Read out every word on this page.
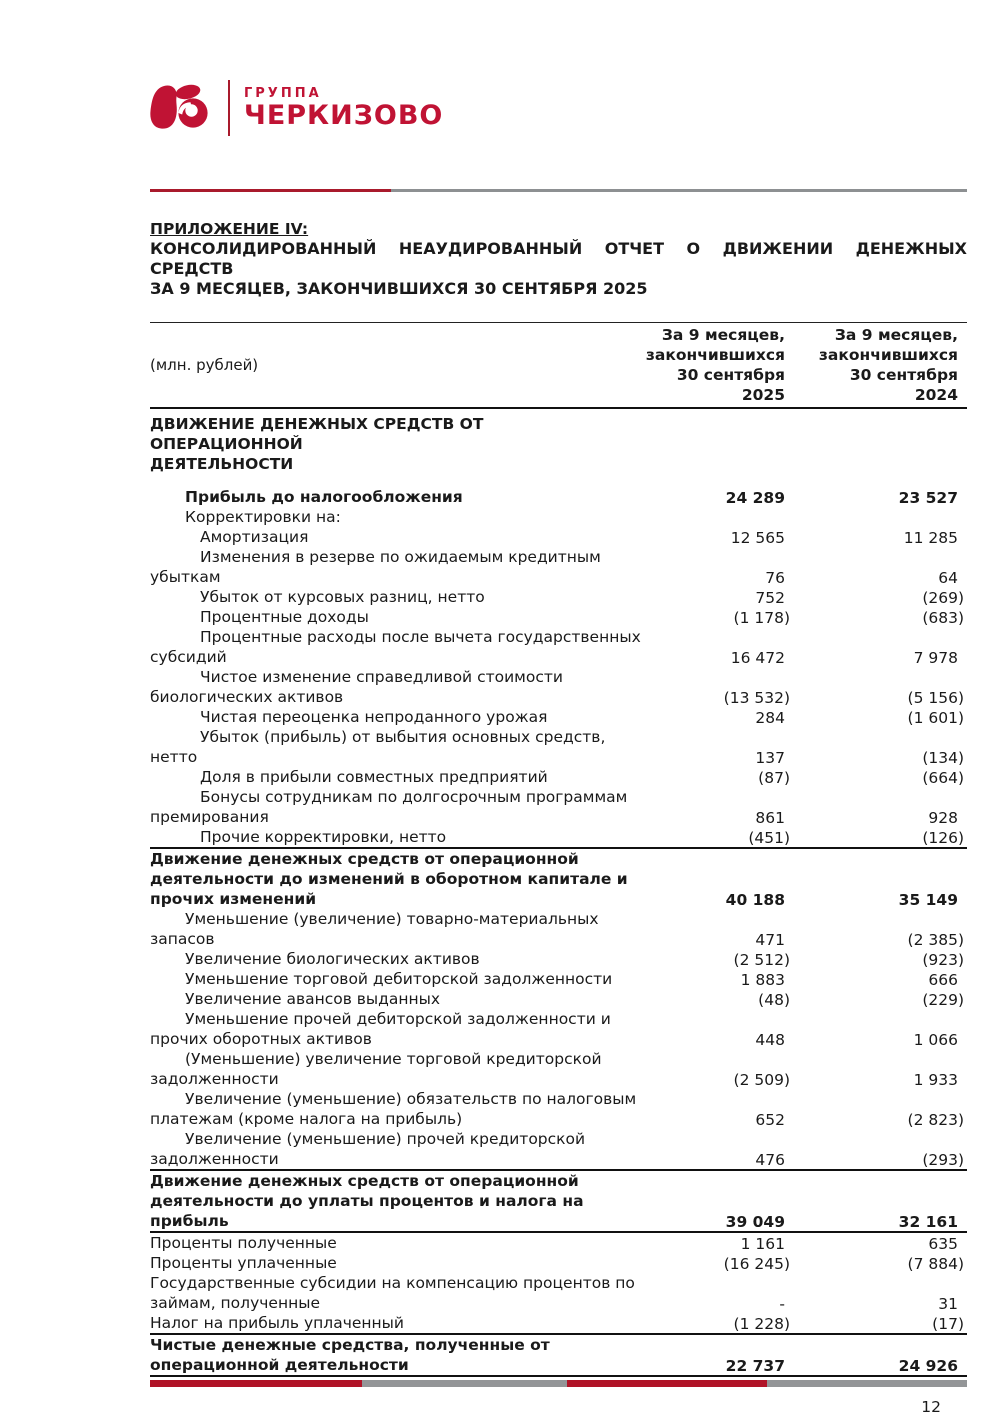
ГРУППА
ЧЕРКИЗОВО
ПРИЛОЖЕНИЕ IV:
КОНСОЛИДИРОВАННЫЙ НЕАУДИРОВАННЫЙ ОТЧЕТ О ДВИЖЕНИИ ДЕНЕЖНЫХ СРЕДСТВ
ЗА 9 МЕСЯЦЕВ, ЗАКОНЧИВШИХСЯ 30 СЕНТЯБРЯ 2025
(млн. рублей)	
За 9 месяцев,
закончившихся
30 сентября
2025

За 9 месяцев,
закончившихся
30 сентября
2024

ДВИЖЕНИЕ ДЕНЕЖНЫХ СРЕДСТВ ОТ
ОПЕРАЦИОННОЙ
ДЕЯТЕЛЬНОСТИ		

Прибыль до налогообложения	24 289	23 527

Корректировки на:		

Амортизация	12 565	11 285

Изменения в резерве по ожидаемым кредитным
убыткам	76	64

Убыток от курсовых разниц, нетто	752	(269)

Процентные доходы	(1 178)	(683)

Процентные расходы после вычета государственных
субсидий	16 472	7 978

Чистое изменение справедливой стоимости
биологических активов	(13 532)	(5 156)

Чистая переоценка непроданного урожая	284	(1 601)

Убыток (прибыль) от выбытия основных средств,
нетто	137	(134)

Доля в прибыли совместных предприятий	(87)	(664)

Бонусы сотрудникам по долгосрочным программам
премирования	861	928

Прочие корректировки, нетто	(451)	(126)

Движение денежных средств от операционной
деятельности до изменений в оборотном капитале и
прочих изменений	40 188	35 149

Уменьшение (увеличение) товарно-материальных
запасов	471	(2 385)

Увеличение биологических активов	(2 512)	(923)

Уменьшение торговой дебиторской задолженности	1 883	666

Увеличение авансов выданных	(48)	(229)

Уменьшение прочей дебиторской задолженности и
прочих оборотных активов	448	1 066

(Уменьшение) увеличение торговой кредиторской
задолженности	(2 509)	1 933

Увеличение (уменьшение) обязательств по налоговым
платежам (кроме налога на прибыль)	652	(2 823)

Увеличение (уменьшение) прочей кредиторской
задолженности	476	(293)

Движение денежных средств от операционной
деятельности до уплаты процентов и налога на
прибыль	39 049	32 161

Проценты полученные	1 161	635

Проценты уплаченные	(16 245)	(7 884)

Государственные субсидии на компенсацию процентов по
займам, полученные	-	31

Налог на прибыль уплаченный	(1 228)	(17)

Чистые денежные средства, полученные от
операционной деятельности	22 737	24 926
12
